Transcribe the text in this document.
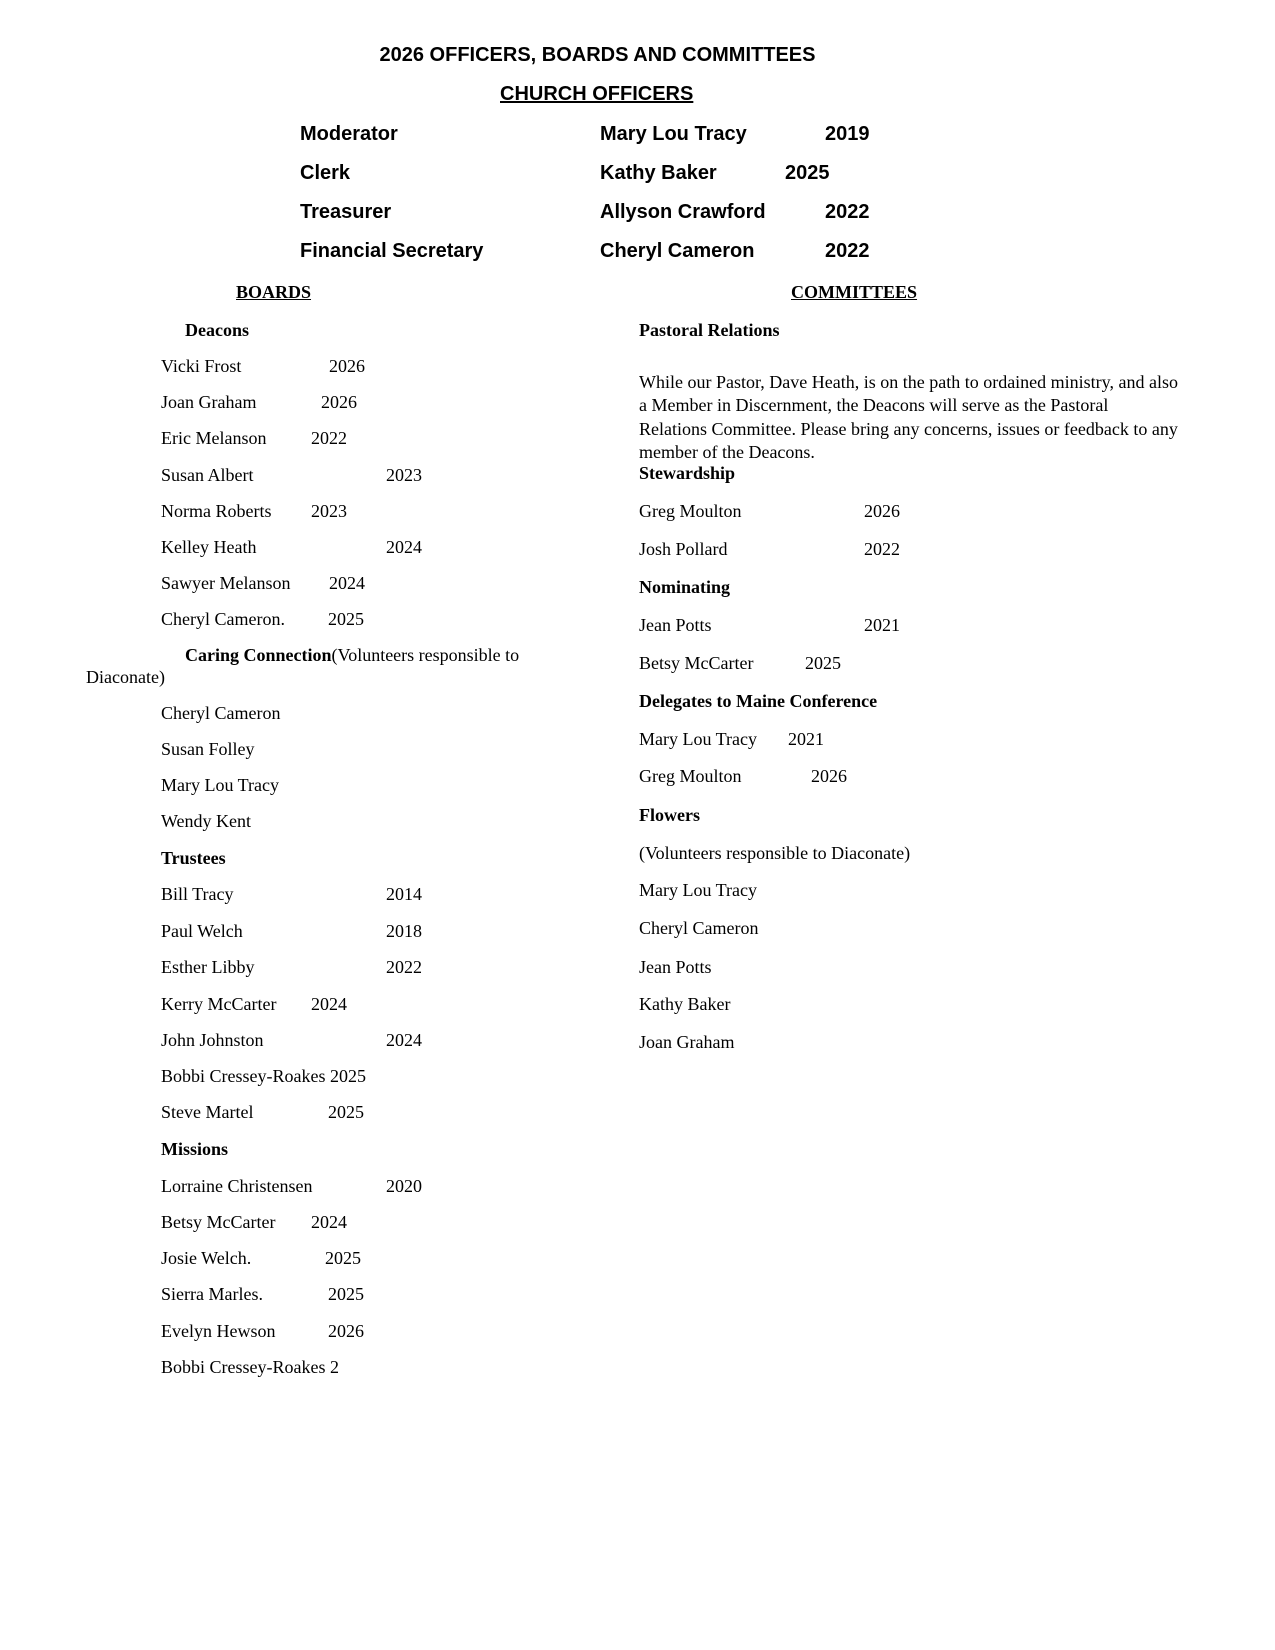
2026 OFFICERS, BOARDS AND COMMITTEES
CHURCH OFFICERS
Moderator	Mary Lou Tracy	2019
Clerk	Kathy Baker	2025
Treasurer	Allyson Crawford	2022
Financial Secretary	Cheryl Cameron	2022
BOARDS
Deacons
Vicki Frost	2026
Joan Graham	2026
Eric Melanson 2022
Susan Albert	2023
Norma Roberts 2023
Kelley Heath	2024
Sawyer Melanson 2024
Cheryl Cameron. 2025
Caring Connection(Volunteers responsible to
Diaconate)
Cheryl Cameron
Susan Folley
Mary Lou Tracy
Wendy Kent
Trustees
Bill Tracy	2014
Paul Welch	2018
Esther Libby	2022
Kerry McCarter 2024
John Johnston	2024
Bobbi Cressey-Roakes 2025
Steve Martel	2025
Missions
Lorraine Christensen	2020
Betsy McCarter 2024
Josie Welch.	2025
Sierra Marles.	2025
Evelyn Hewson	2026
Bobbi Cressey-Roakes 2
COMMITTEES
Pastoral Relations
While our Pastor, Dave Heath, is on the path to ordained ministry, and also a Member in Discernment, the Deacons will serve as the Pastoral Relations Committee. Please bring any concerns, issues or feedback to any member of the Deacons.
Stewardship
Greg Moulton	2026
Josh Pollard	2022
Nominating
Jean Potts	2021
Betsy McCarter	2025
Delegates to Maine Conference
Mary Lou Tracy 2021
Greg Moulton	2026
Flowers
(Volunteers responsible to Diaconate)
Mary Lou Tracy
Cheryl Cameron
Jean Potts
Kathy Baker
Joan Graham
